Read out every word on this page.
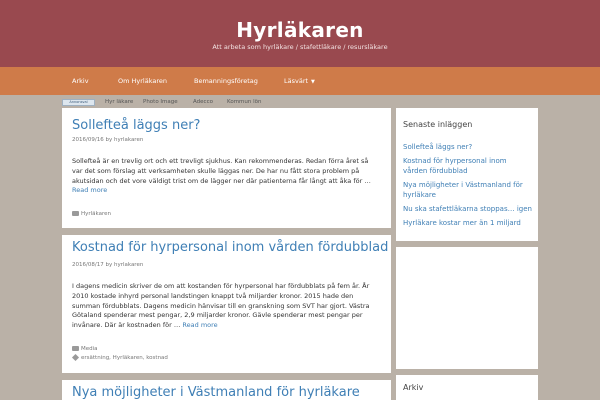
Hyrläkaren
Att arbeta som hyrläkare / stafettläkare / resursläkare
Arkiv	Om Hyrläkaren	Bemanningsföretag	Läsvärt ▼
Annonsval	Hyr läkare Photo Image	Adecco	Kommun lön
Sollefteå läggs ner?
2016/09/16 by hyrlakaren
Sollefteå är en trevlig ort och ett trevligt sjukhus. Kan rekommenderas. Redan förra året så var det som förslag att verksamheten skulle läggas ner. De har nu fått stora problem på akutsidan och det vore väldigt trist om de lägger ner där patienterna får långt att åka för … Read more
Hyrläkaren
Kostnad för hyrpersonal inom vården fördubblad
2016/08/17 by hyrlakaren
I dagens medicin skriver de om att kostanden för hyrpersonal har fördubblats på fem år. År 2010 kostade inhyrd personal landstingen knappt två miljarder kronor. 2015 hade den summan fördubblats. Dagens medicin hänvisar till en granskning som SVT har gjort. Västra Götaland spenderar mest pengar, 2,9 miljarder kronor. Gävle spenderar mest pengar per invånare. Där är kostnaden för … Read more
Media
ersättning, Hyrläkaren, kostnad
Nya möjligheter i Västmanland för hyrläkare
Senaste inläggen
Sollefteå läggs ner?
Kostnad för hyrpersonal inom vården fördubblad
Nya möjligheter i Västmanland för hyrläkare
Nu ska stafettläkarna stoppas… igen
Hyrläkare kostar mer än 1 miljard
Arkiv
